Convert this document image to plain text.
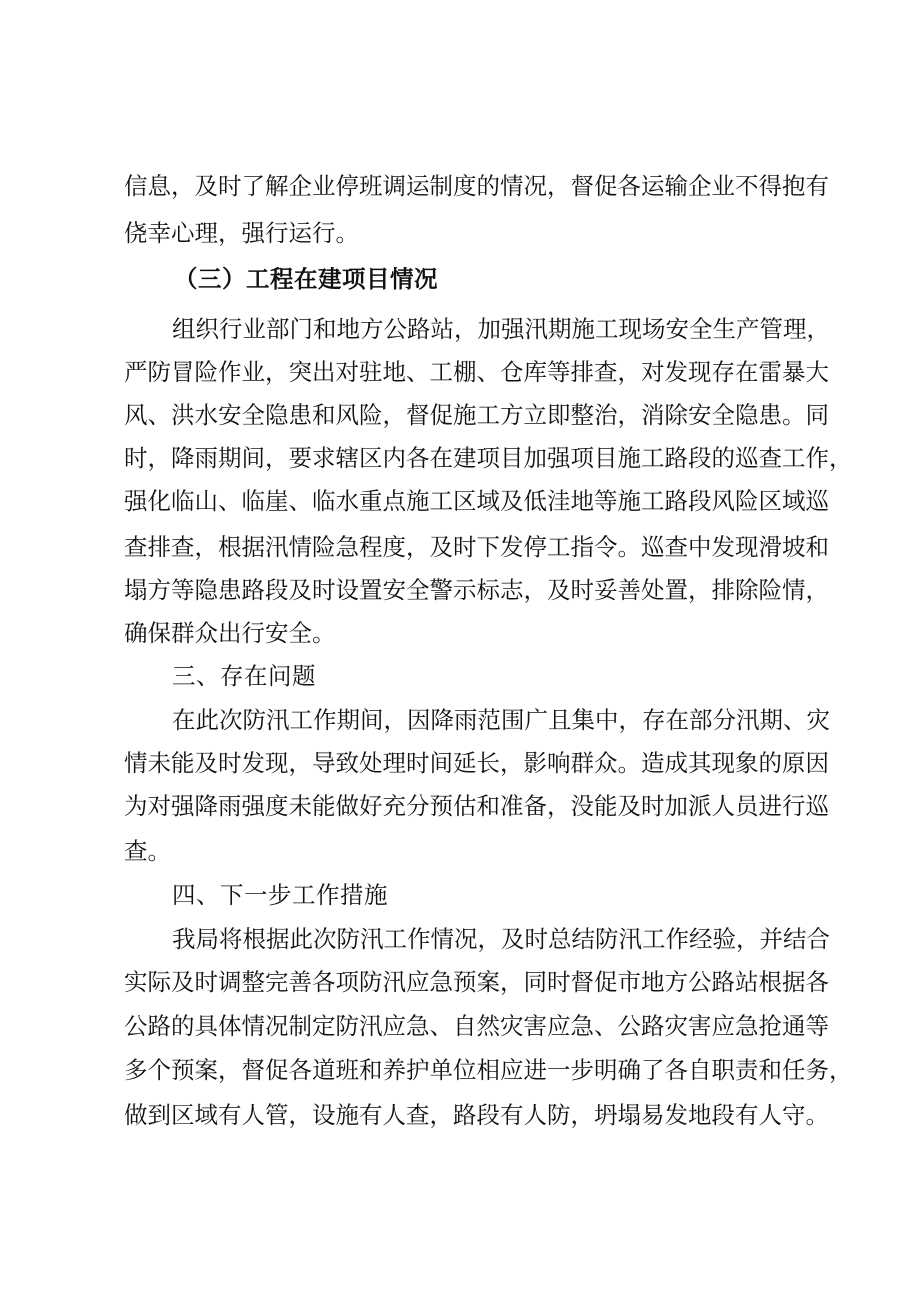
信息，及时了解企业停班调运制度的情况，督促各运输企业不得抱有
侥幸心理，强行运行。
（三）工程在建项目情况
组织行业部门和地方公路站，加强汛期施工现场安全生产管理，
严防冒险作业，突出对驻地、工棚、仓库等排查，对发现存在雷暴大
风、洪水安全隐患和风险，督促施工方立即整治，消除安全隐患。同
时，降雨期间，要求辖区内各在建项目加强项目施工路段的巡查工作，
强化临山、临崖、临水重点施工区域及低洼地等施工路段风险区域巡
查排查，根据汛情险急程度，及时下发停工指令。巡查中发现滑坡和
塌方等隐患路段及时设置安全警示标志，及时妥善处置，排除险情，
确保群众出行安全。
三、存在问题
在此次防汛工作期间，因降雨范围广且集中，存在部分汛期、灾
情未能及时发现，导致处理时间延长，影响群众。造成其现象的原因
为对强降雨强度未能做好充分预估和准备，没能及时加派人员进行巡
查。
四、下一步工作措施
我局将根据此次防汛工作情况，及时总结防汛工作经验，并结合
实际及时调整完善各项防汛应急预案，同时督促市地方公路站根据各
公路的具体情况制定防汛应急、自然灾害应急、公路灾害应急抢通等
多个预案，督促各道班和养护单位相应进一步明确了各自职责和任务，
做到区域有人管，设施有人查，路段有人防，坍塌易发地段有人守。
